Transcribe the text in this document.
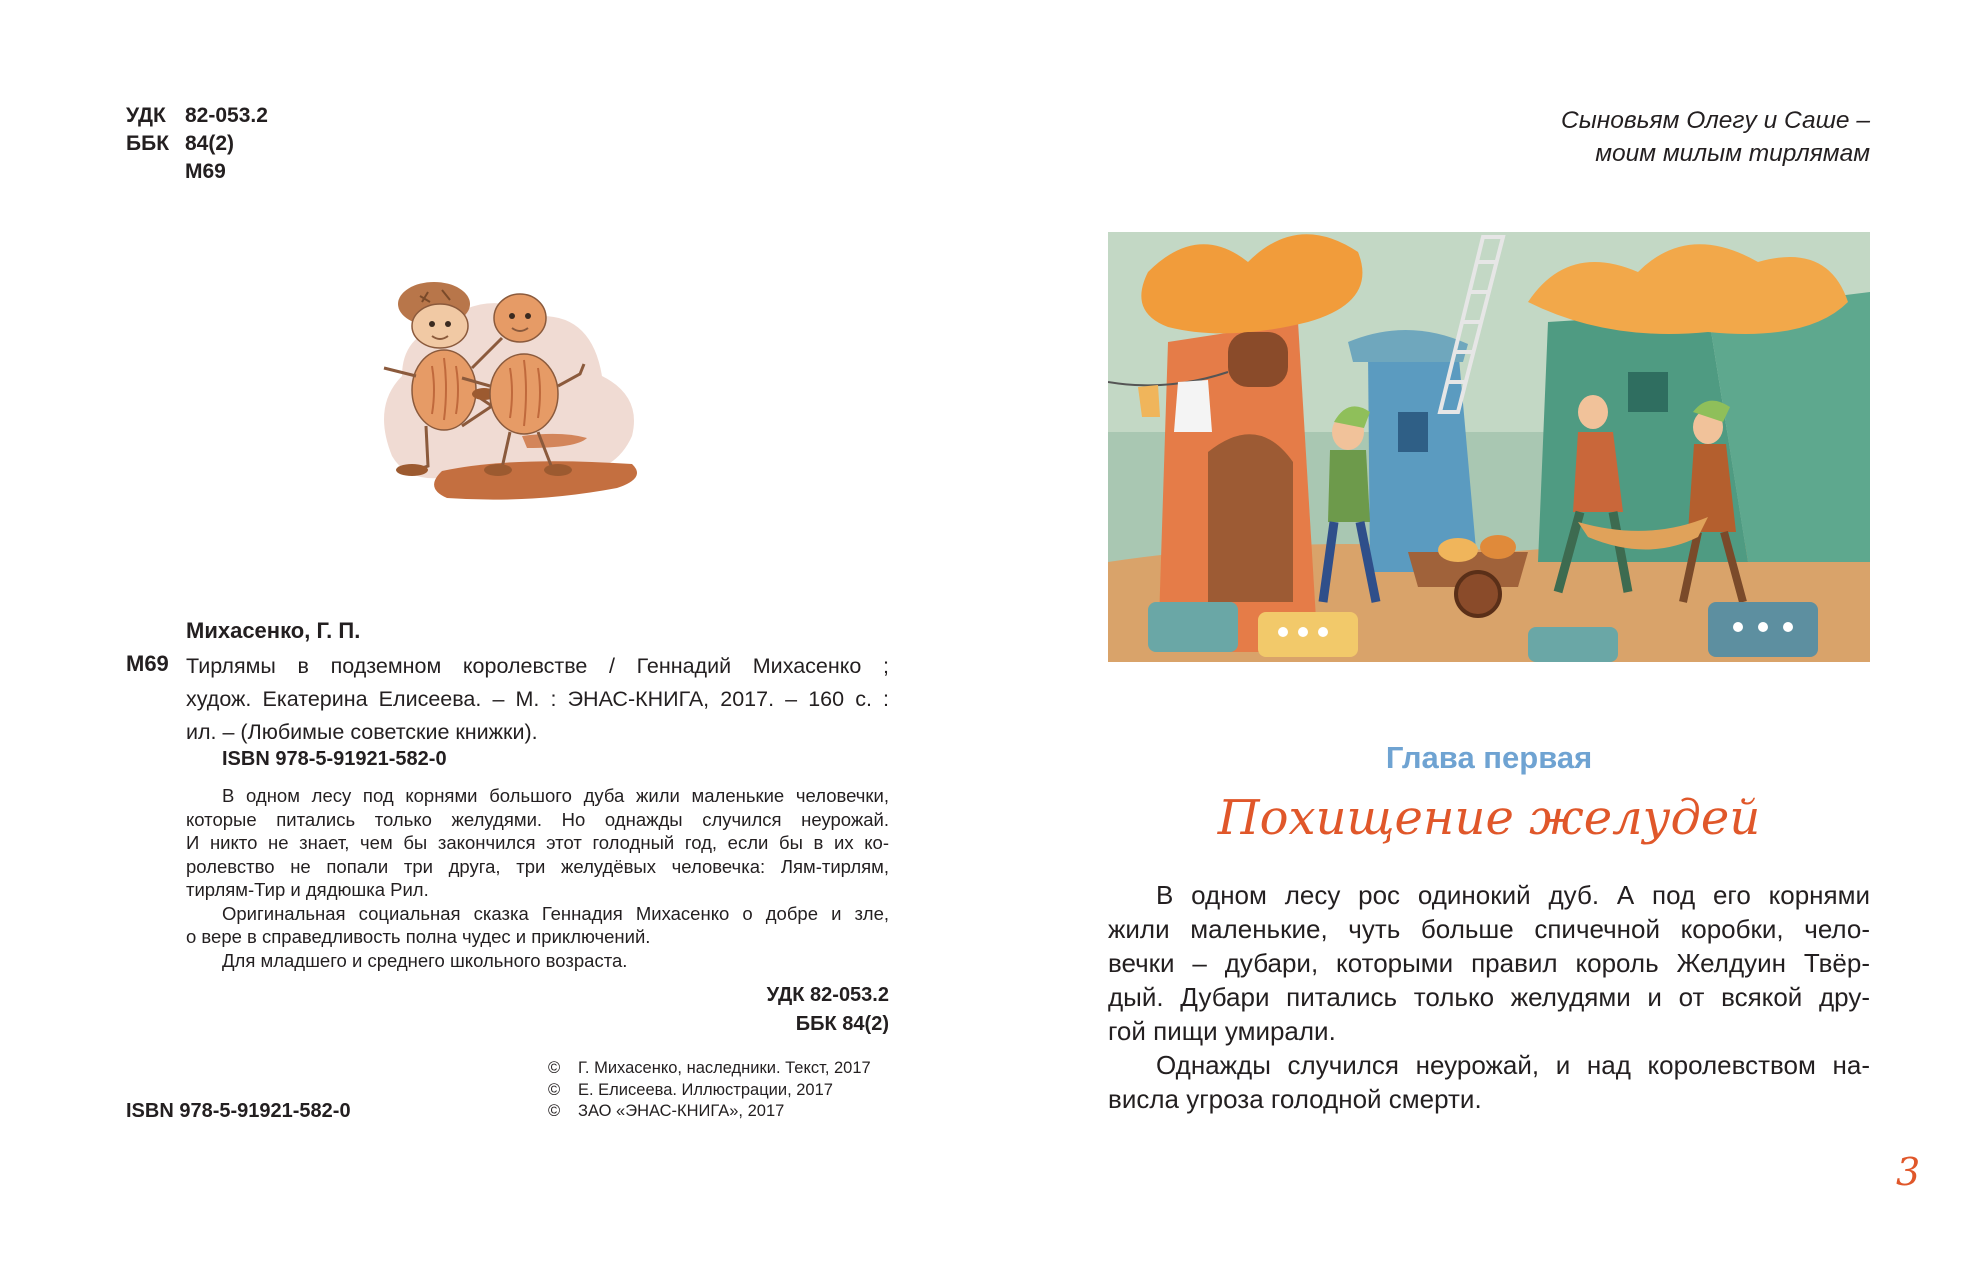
УДК 82-053.2
ББК 84(2)
М69
Михасенко, Г. П.
М69 Тирлямы в подземном королевстве / Геннадий Михасенко ;
худож. Екатерина Елисеева. – М. : ЭНАС-КНИГА, 2017. – 160 с. :
ил. – (Любимые советские книжки).
ISBN 978-5-91921-582-0
В одном лесу под корнями большого дуба жили маленькие человечки,
которые питались только желудями. Но однажды случился неурожай.
И никто не знает, чем бы закончился этот голодный год, если бы в их ко-
ролевство не попали три друга, три желудёвых человечка: Лям-тирлям,
тирлям-Тир и дядюшка Рил.
Оригинальная социальная сказка Геннадия Михасенко о добре и зле,
о вере в справедливость полна чудес и приключений.
Для младшего и среднего школьного возраста.
УДК 82-053.2
ББК 84(2)
© Г. Михасенко, наследники. Текст, 2017
© Е. Елисеева. Иллюстрации, 2017
© ЗАО «ЭНАС-КНИГА», 2017
ISBN 978-5-91921-582-0
Сыновьям Олегу и Саше –
моим милым тирлямам
Глава первая
Похищение желудей
В одном лесу рос одинокий дуб. А под его корнями
жили маленькие, чуть больше спичечной коробки, чело-
вечки – дубари, которыми правил король Желдуин Твёр-
дый. Дубари питались только желудями и от всякой дру-
гой пищи умирали.
Однажды случился неурожай, и над королевством на-
висла угроза голодной смерти.
3
